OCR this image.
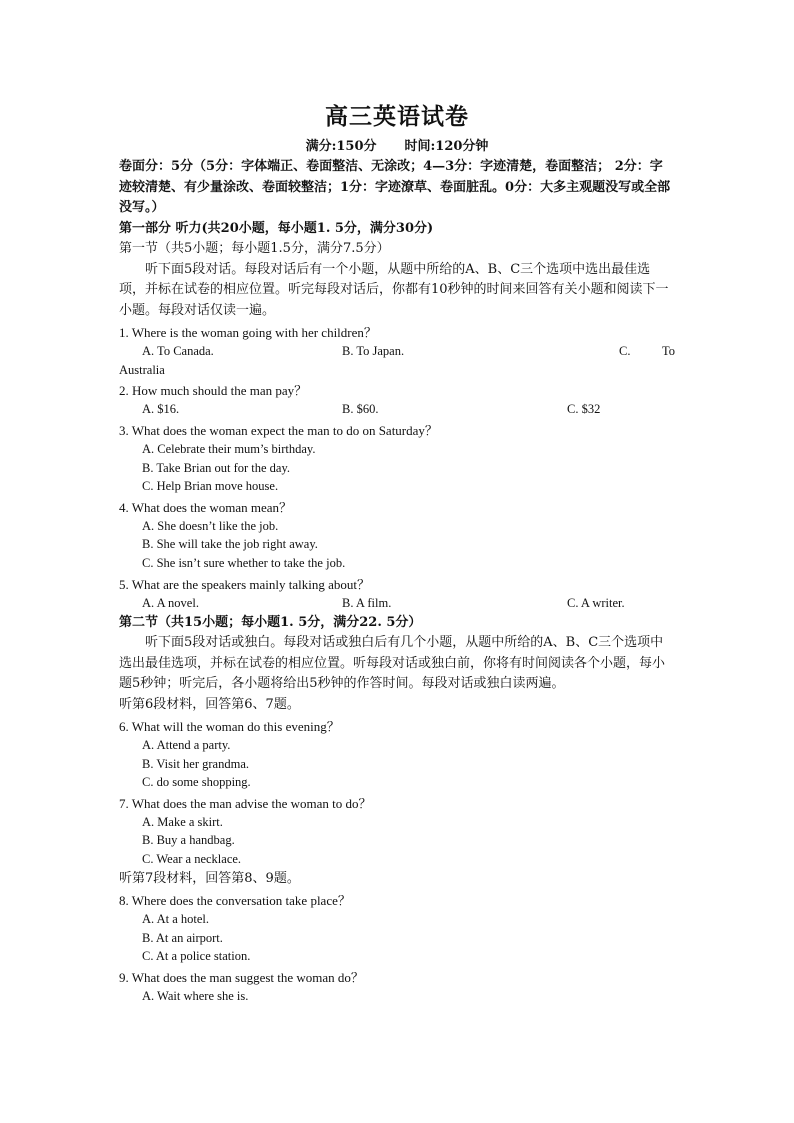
高三英语试卷
满分:150分 时间:120分钟

卷面分：5分（5分：字体端正、卷面整洁、无涂改；4—3分：字迹清楚，卷面整洁； 2分：字迹较清楚、有少量涂改、卷面较整洁；1分：字迹潦草、卷面脏乱。0分：大多主观题没写或全部没写。）

第一部分 听力(共20小题，每小题1. 5分，满分30分)

第一节（共5小题；每小题1.5分，满分7.5分）

听下面5段对话。每段对话后有一个小题，从题中所给的A、B、C三个选项中选出最佳选项，并标在试卷的相应位置。听完每段对话后，你都有10秒钟的时间来回答有关小题和阅读下一小题。每段对话仅读一遍。

1. Where is the woman going with her children？
A. To Canada.	B. To Japan.	C.	To
Australia
2. How much should the man pay？
A. $16.	B. $60.	C. $32
3. What does the woman expect the man to do on Saturday？
A. Celebrate their mum’s birthday.
B. Take Brian out for the day.
C. Help Brian move house.
4. What does the woman mean？
A. She doesn’t like the job.
B. She will take the job right away.
C. She isn’t sure whether to take the job.
5. What are the speakers mainly talking about？
A. A novel.	B. A film.	C. A writer.

第二节（共15小题；每小题1. 5分，满分22. 5分）

听下面5段对话或独白。每段对话或独白后有几个小题，从题中所给的A、B、C三个选项中选出最佳选项，并标在试卷的相应位置。听每段对话或独白前，你将有时间阅读各个小题，每小题5秒钟；听完后，各小题将给出5秒钟的作答时间。每段对话或独白读两遍。

听第6段材料，回答第6、7题。

6. What will the woman do this evening？
A. Attend a party.
B. Visit her grandma.
C. do some shopping.
7. What does the man advise the woman to do？
A. Make a skirt.
B. Buy a handbag.
C. Wear a necklace.

听第7段材料，回答第8、9题。

8. Where does the conversation take place？
A. At a hotel.
B. At an airport.
C. At a police station.
9. What does the man suggest the woman do？
A. Wait where she is.
